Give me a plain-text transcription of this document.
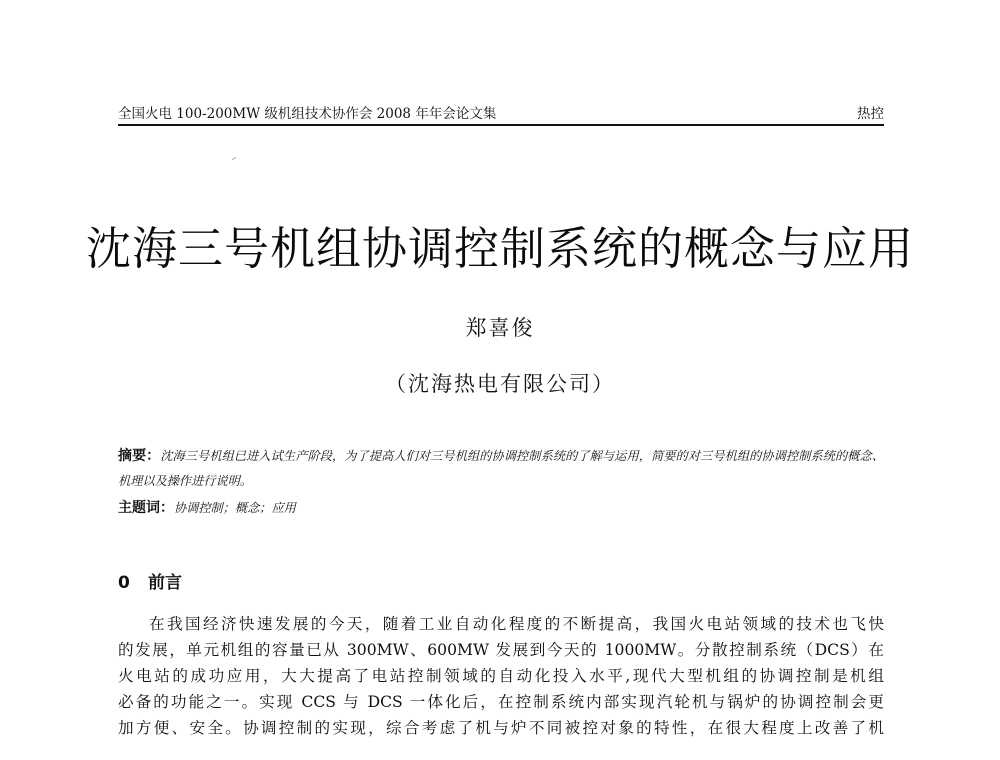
全国火电 100-200MW 级机组技术协作会 2008 年年会论文集	热控
沈海三号机组协调控制系统的概念与应用
郑喜俊
（沈海热电有限公司）
摘要：沈海三号机组已进入试生产阶段，为了提高人们对三号机组的协调控制系统的了解与运用，简要的对三号机组的协调控制系统的概念、机理以及操作进行说明。
主题词：协调控制；概念；应用
0 前言
在我国经济快速发展的今天，随着工业自动化程度的不断提高，我国火电站领域的技术也飞快
的发展，单元机组的容量已从 300MW、600MW 发展到今天的 1000MW。分散控制系统（DCS）在
火电站的成功应用，大大提高了电站控制领域的自动化投入水平,现代大型机组的协调控制是机组
必备的功能之一。实现 CCS 与 DCS 一体化后，在控制系统内部实现汽轮机与锅炉的协调控制会更
加方便、安全。协调控制的实现，综合考虑了机与炉不同被控对象的特性，在很大程度上改善了机
